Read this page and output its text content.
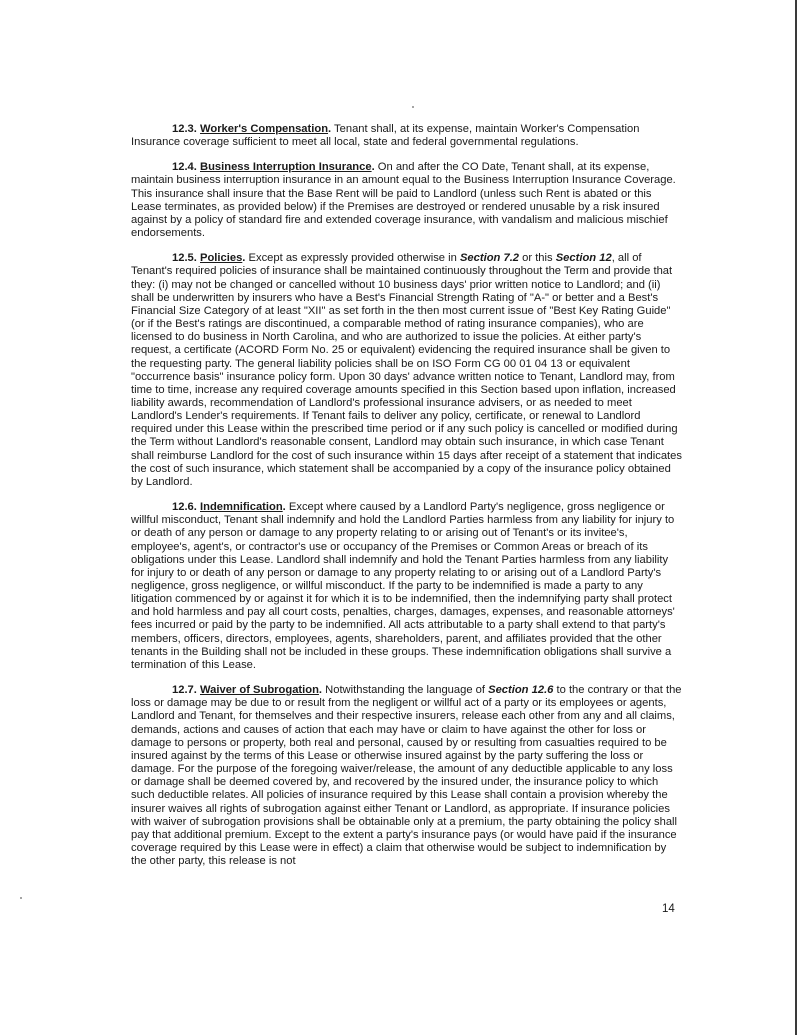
12.3. Worker's Compensation. Tenant shall, at its expense, maintain Worker's Compensation Insurance coverage sufficient to meet all local, state and federal governmental regulations.

12.4. Business Interruption Insurance. On and after the CO Date, Tenant shall, at its expense, maintain business interruption insurance in an amount equal to the Business Interruption Insurance Coverage. This insurance shall insure that the Base Rent will be paid to Landlord (unless such Rent is abated or this Lease terminates, as provided below) if the Premises are destroyed or rendered unusable by a risk insured against by a policy of standard fire and extended coverage insurance, with vandalism and malicious mischief endorsements.

12.5. Policies. Except as expressly provided otherwise in Section 7.2 or this Section 12, all of Tenant's required policies of insurance shall be maintained continuously throughout the Term and provide that they: (i) may not be changed or cancelled without 10 business days' prior written notice to Landlord; and (ii) shall be underwritten by insurers who have a Best's Financial Strength Rating of "A-" or better and a Best's Financial Size Category of at least "XII" as set forth in the then most current issue of "Best Key Rating Guide" (or if the Best's ratings are discontinued, a comparable method of rating insurance companies), who are licensed to do business in North Carolina, and who are authorized to issue the policies. At either party's request, a certificate (ACORD Form No. 25 or equivalent) evidencing the required insurance shall be given to the requesting party. The general liability policies shall be on ISO Form CG 00 01 04 13 or equivalent "occurrence basis" insurance policy form. Upon 30 days' advance written notice to Tenant, Landlord may, from time to time, increase any required coverage amounts specified in this Section based upon inflation, increased liability awards, recommendation of Landlord's professional insurance advisers, or as needed to meet Landlord's Lender's requirements. If Tenant fails to deliver any policy, certificate, or renewal to Landlord required under this Lease within the prescribed time period or if any such policy is cancelled or modified during the Term without Landlord's reasonable consent, Landlord may obtain such insurance, in which case Tenant shall reimburse Landlord for the cost of such insurance within 15 days after receipt of a statement that indicates the cost of such insurance, which statement shall be accompanied by a copy of the insurance policy obtained by Landlord.

12.6. Indemnification. Except where caused by a Landlord Party's negligence, gross negligence or willful misconduct, Tenant shall indemnify and hold the Landlord Parties harmless from any liability for injury to or death of any person or damage to any property relating to or arising out of Tenant's or its invitee's, employee's, agent's, or contractor's use or occupancy of the Premises or Common Areas or breach of its obligations under this Lease. Landlord shall indemnify and hold the Tenant Parties harmless from any liability for injury to or death of any person or damage to any property relating to or arising out of a Landlord Party's negligence, gross negligence, or willful misconduct. If the party to be indemnified is made a party to any litigation commenced by or against it for which it is to be indemnified, then the indemnifying party shall protect and hold harmless and pay all court costs, penalties, charges, damages, expenses, and reasonable attorneys' fees incurred or paid by the party to be indemnified. All acts attributable to a party shall extend to that party's members, officers, directors, employees, agents, shareholders, parent, and affiliates provided that the other tenants in the Building shall not be included in these groups. These indemnification obligations shall survive a termination of this Lease.

12.7. Waiver of Subrogation. Notwithstanding the language of Section 12.6 to the contrary or that the loss or damage may be due to or result from the negligent or willful act of a party or its employees or agents, Landlord and Tenant, for themselves and their respective insurers, release each other from any and all claims, demands, actions and causes of action that each may have or claim to have against the other for loss or damage to persons or property, both real and personal, caused by or resulting from casualties required to be insured against by the terms of this Lease or otherwise insured against by the party suffering the loss or damage. For the purpose of the foregoing waiver/release, the amount of any deductible applicable to any loss or damage shall be deemed covered by, and recovered by the insured under, the insurance policy to which such deductible relates. All policies of insurance required by this Lease shall contain a provision whereby the insurer waives all rights of subrogation against either Tenant or Landlord, as appropriate. If insurance policies with waiver of subrogation provisions shall be obtainable only at a premium, the party obtaining the policy shall pay that additional premium. Except to the extent a party's insurance pays (or would have paid if the insurance coverage required by this Lease were in effect) a claim that otherwise would be subject to indemnification by the other party, this release is not

14
